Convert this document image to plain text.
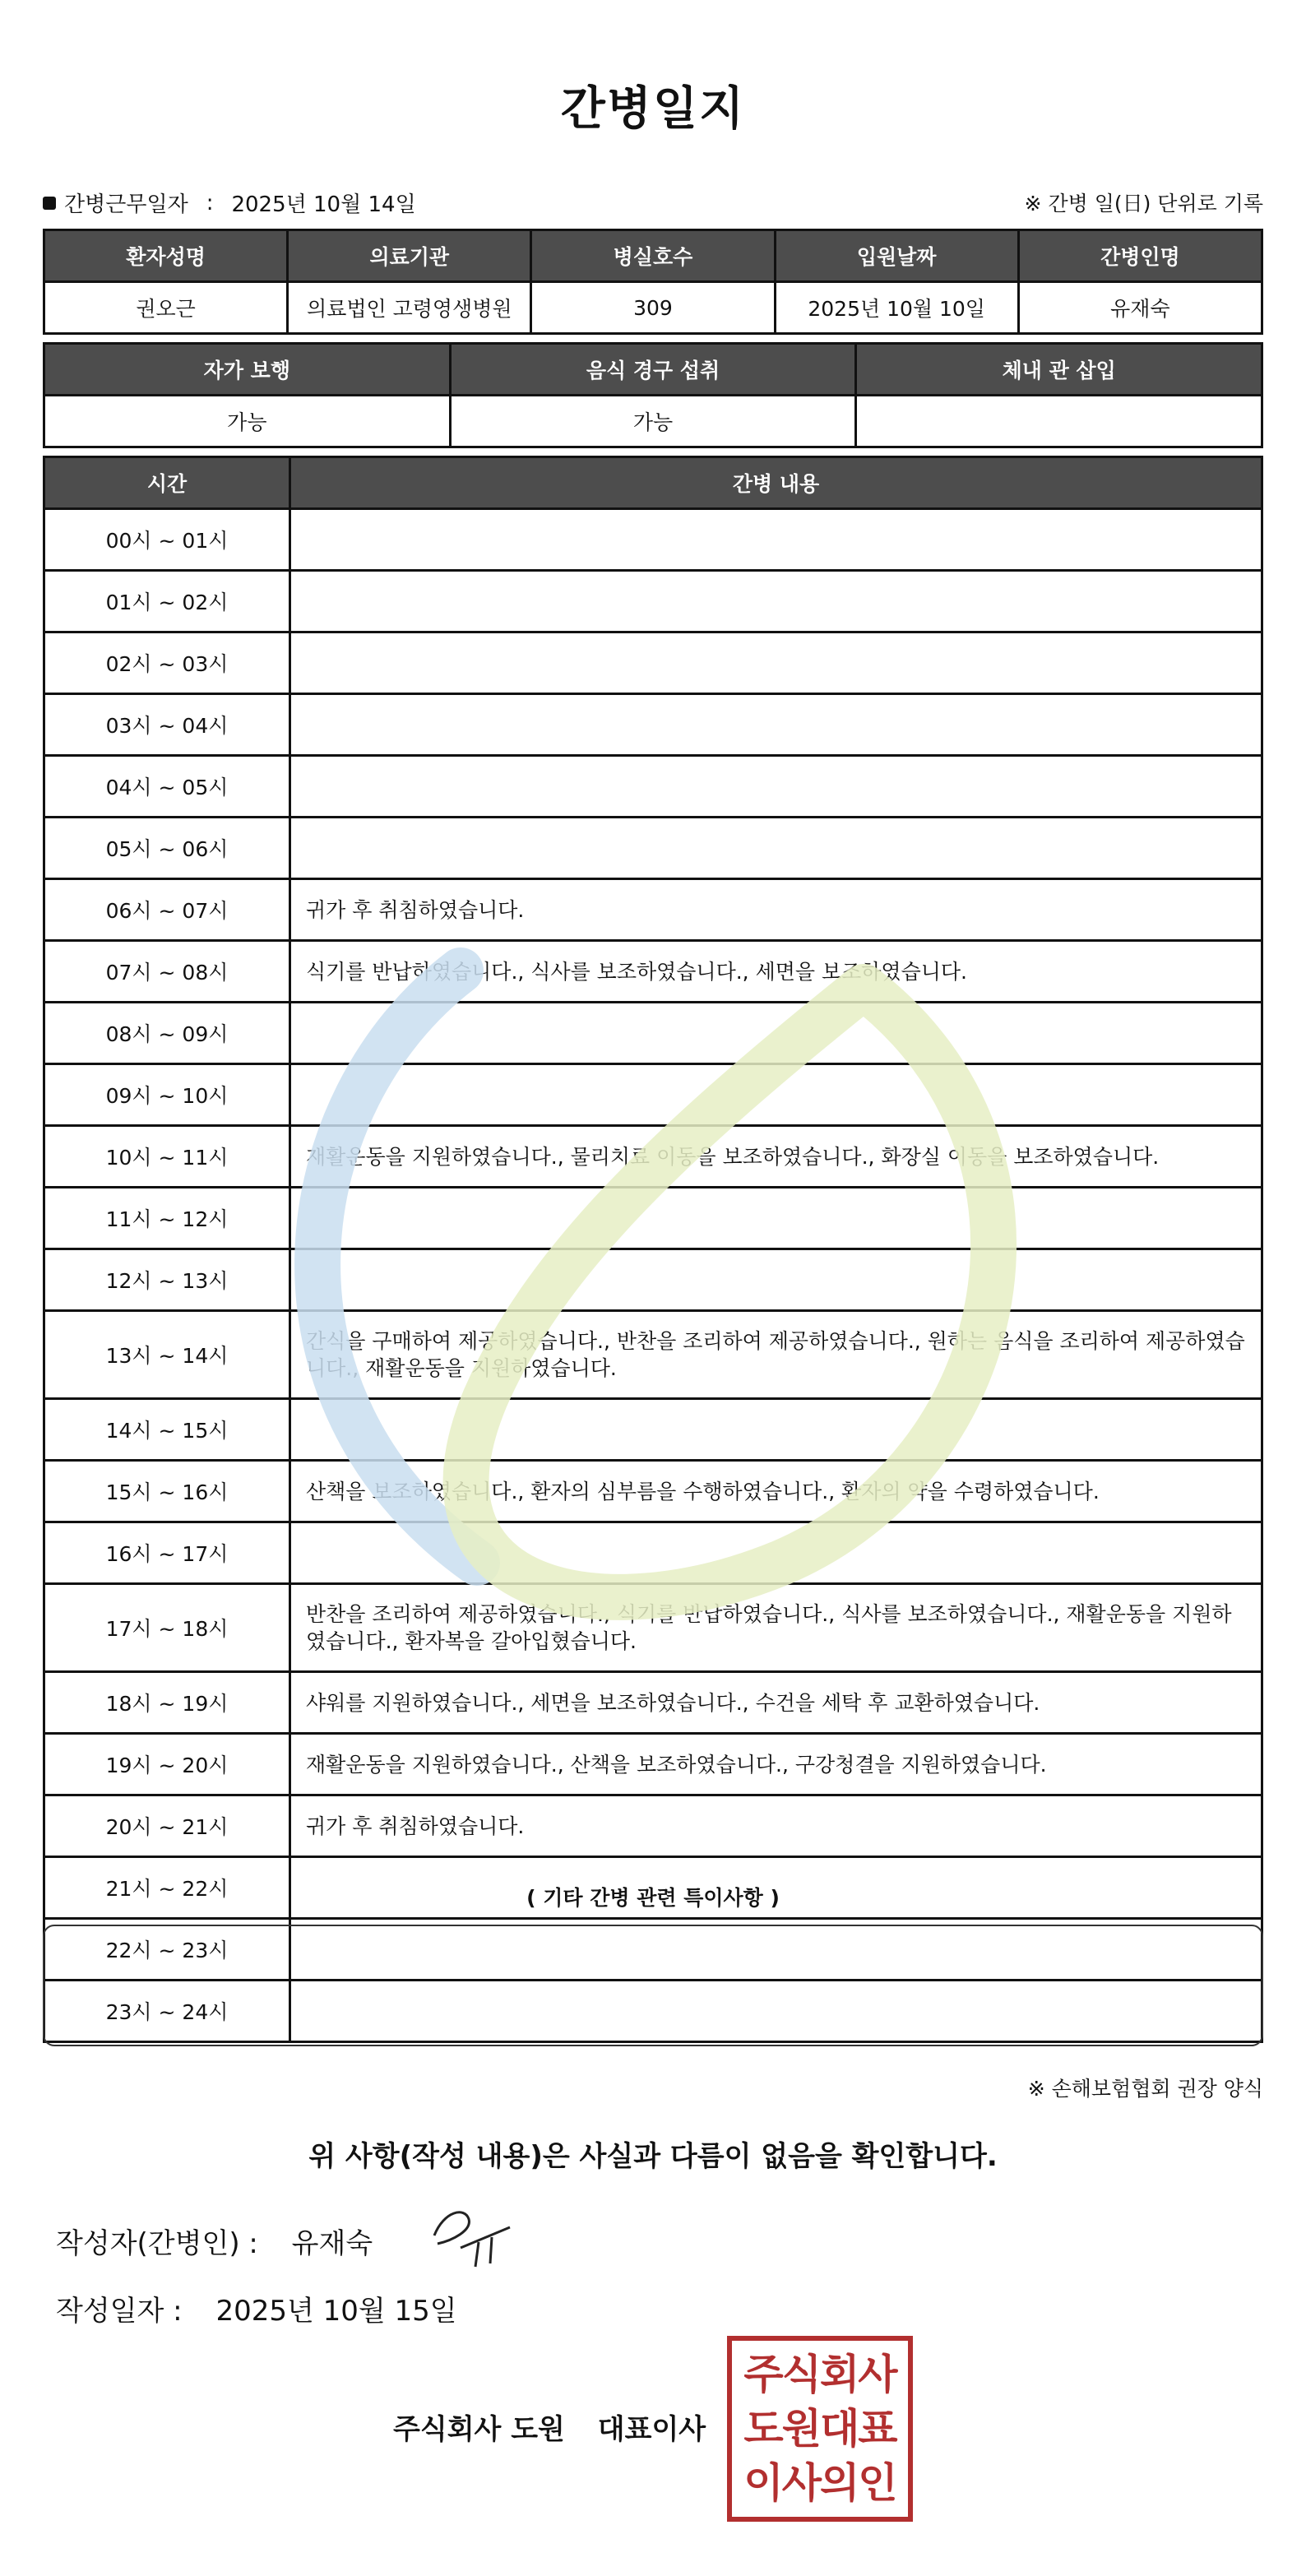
간병일지
간병근무일자 : 2025년 10월 14일	※ 간병 일(日) 단위로 기록
환자성명	의료기관	병실호수	입원날짜	간병인명
권오근	의료법인 고령영생병원	309	2025년 10월 10일	유재숙
자가 보행	음식 경구 섭취	체내 관 삽입
가능	가능	
시간	간병 내용
00시 ~ 01시	
01시 ~ 02시	
02시 ~ 03시	
03시 ~ 04시	
04시 ~ 05시	
05시 ~ 06시	
06시 ~ 07시	귀가 후 취침하였습니다.
07시 ~ 08시	식기를 반납하였습니다., 식사를 보조하였습니다., 세면을 보조하였습니다.
08시 ~ 09시	
09시 ~ 10시	
10시 ~ 11시	재활운동을 지원하였습니다., 물리치료 이동을 보조하였습니다., 화장실 이동을 보조하였습니다.
11시 ~ 12시	
12시 ~ 13시	
13시 ~ 14시	간식을 구매하여 제공하였습니다., 반찬을 조리하여 제공하였습니다., 원하는 음식을 조리하여 제공하였습니다., 재활운동을 지원하였습니다.
14시 ~ 15시	
15시 ~ 16시	산책을 보조하였습니다., 환자의 심부름을 수행하였습니다., 환자의 약을 수령하였습니다.
16시 ~ 17시	
17시 ~ 18시	반찬을 조리하여 제공하였습니다., 식기를 반납하였습니다., 식사를 보조하였습니다., 재활운동을 지원하였습니다., 환자복을 갈아입혔습니다.
18시 ~ 19시	샤워를 지원하였습니다., 세면을 보조하였습니다., 수건을 세탁 후 교환하였습니다.
19시 ~ 20시	재활운동을 지원하였습니다., 산책을 보조하였습니다., 구강청결을 지원하였습니다.
20시 ~ 21시	귀가 후 취침하였습니다.
21시 ~ 22시	
22시 ~ 23시	
23시 ~ 24시	
( 기타 간병 관련 특이사항 )
※ 손해보험협회 권장 양식
위 사항(작성 내용)은 사실과 다름이 없음을 확인합니다.
작성자(간병인) : 유재숙
작성일자 : 2025년 10월 15일
주식회사 도원 대표이사
주식회사
도원대표
이사의인
